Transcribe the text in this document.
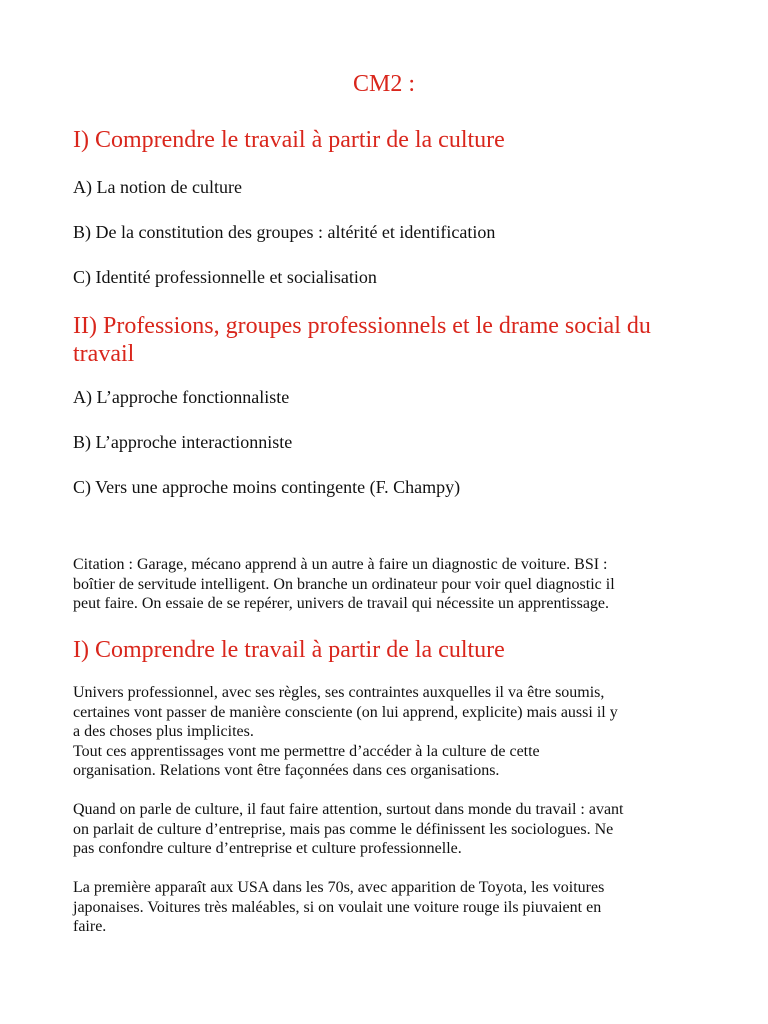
CM2 :
I) Comprendre le travail à partir de la culture
A) La notion de culture
B) De la constitution des groupes : altérité et identification
C) Identité professionnelle et socialisation
II) Professions, groupes professionnels et le drame social du
travail
A) L’approche fonctionnaliste
B) L’approche interactionniste
C) Vers une approche moins contingente (F. Champy)
Citation : Garage, mécano apprend à un autre à faire un diagnostic de voiture. BSI :
boîtier de servitude intelligent. On branche un ordinateur pour voir quel diagnostic il
peut faire. On essaie de se repérer, univers de travail qui nécessite un apprentissage.
I) Comprendre le travail à partir de la culture
Univers professionnel, avec ses règles, ses contraintes auxquelles il va être soumis,
certaines vont passer de manière consciente (on lui apprend, explicite) mais aussi il y
a des choses plus implicites.
Tout ces apprentissages vont me permettre d’accéder à la culture de cette
organisation. Relations vont être façonnées dans ces organisations.
Quand on parle de culture, il faut faire attention, surtout dans monde du travail : avant
on parlait de culture d’entreprise, mais pas comme le définissent les sociologues. Ne
pas confondre culture d’entreprise et culture professionnelle.
La première apparaît aux USA dans les 70s, avec apparition de Toyota, les voitures
japonaises. Voitures très maléables, si on voulait une voiture rouge ils piuvaient en
faire.
